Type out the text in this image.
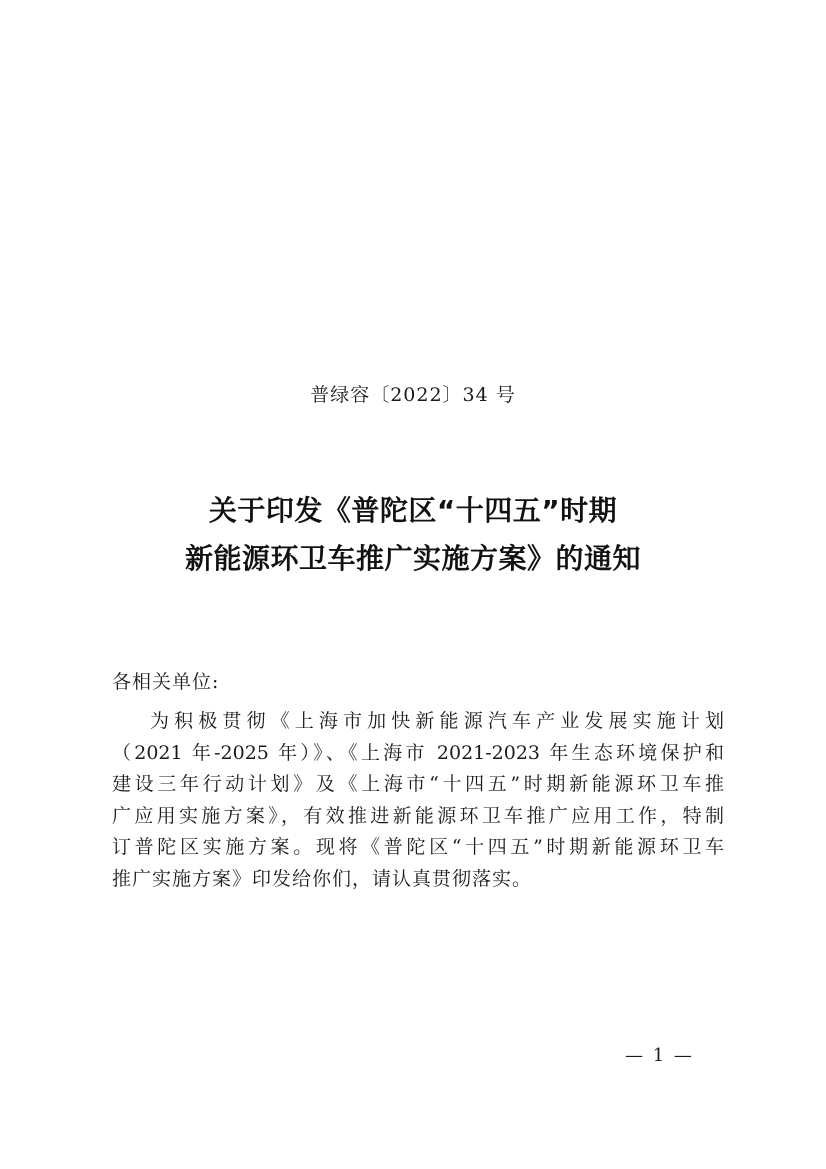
普绿容〔2022〕34 号
关于印发《普陀区“十四五”时期
新能源环卫车推广实施方案》的通知
各相关单位:
为积极贯彻《上海市加快新能源汽车产业发展实施计划
（2021 年-2025 年）》、《上海市 2021-2023 年生态环境保护和
建设三年行动计划》及《上海市“十四五”时期新能源环卫车推
广应用实施方案》，有效推进新能源环卫车推广应用工作，特制
订普陀区实施方案。现将《普陀区“十四五”时期新能源环卫车
推广实施方案》印发给你们，请认真贯彻落实。
— 1 —
